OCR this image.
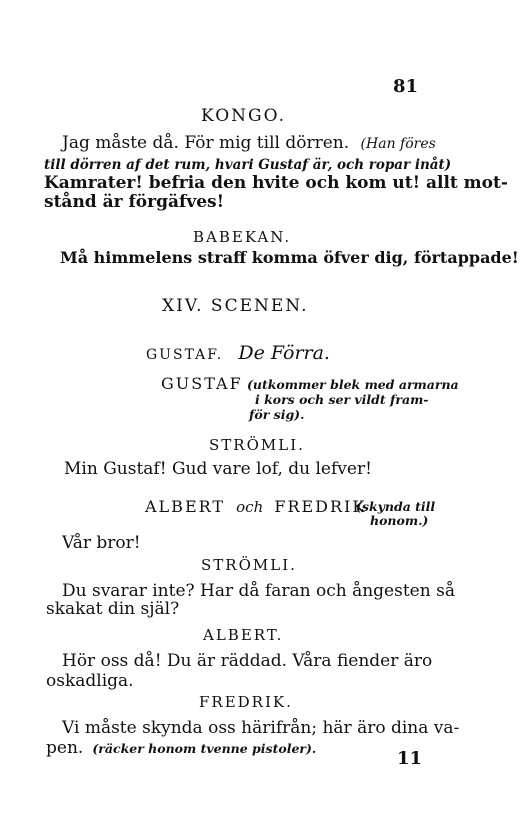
81
KONGO.
Jag måste då. För mig till dörren. (Han föres
till dörren af det rum, hvari Gustaf är, och ropar inåt)
Kamrater! befria den hvite och kom ut! allt mot-
stånd är förgäfves!
BABEKAN.
Må himmelens straff komma öfver dig, förtappade!
XIV. SCENEN.
GUSTAF. De Förra.
GUSTAF (utkommer blek med armarna
i kors och ser vildt fram-
för sig).
STRÖMLI.
Min Gustaf! Gud vare lof, du lefver!
ALBERT och FREDRIK
(skynda till
honom.)
Vår bror!
STRÖMLI.
Du svarar inte? Har då faran och ångesten så
skakat din själ?
ALBERT.
Hör oss då! Du är räddad. Våra fiender äro
oskadliga.
FREDRIK.
Vi måste skynda oss härifrån; här äro dina va-
pen. (räcker honom tvenne pistoler).	11
